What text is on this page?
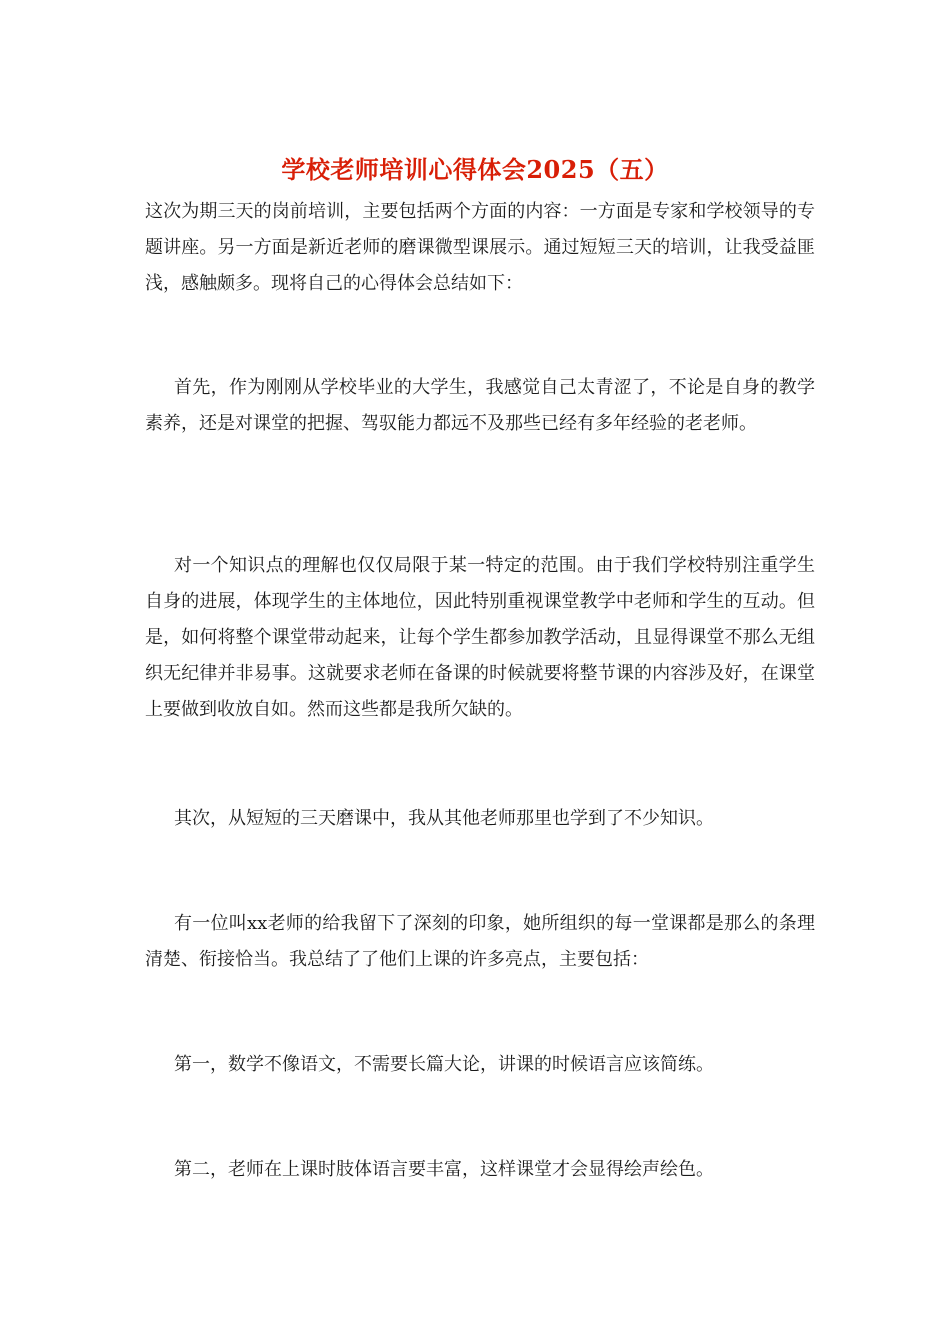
学校老师培训心得体会2025（五）

这次为期三天的岗前培训，主要包括两个方面的内容：一方面是专家和学校领导的专题讲座。另一方面是新近老师的磨课微型课展示。通过短短三天的培训，让我受益匪浅，感触颇多。现将自己的心得体会总结如下：

首先，作为刚刚从学校毕业的大学生，我感觉自己太青涩了，不论是自身的教学素养，还是对课堂的把握、驾驭能力都远不及那些已经有多年经验的老老师。

对一个知识点的理解也仅仅局限于某一特定的范围。由于我们学校特别注重学生自身的进展，体现学生的主体地位，因此特别重视课堂教学中老师和学生的互动。但是，如何将整个课堂带动起来，让每个学生都参加教学活动，且显得课堂不那么无组织无纪律并非易事。这就要求老师在备课的时候就要将整节课的内容涉及好，在课堂上要做到收放自如。然而这些都是我所欠缺的。

其次，从短短的三天磨课中，我从其他老师那里也学到了不少知识。

有一位叫xx老师的给我留下了深刻的印象，她所组织的每一堂课都是那么的条理清楚、衔接恰当。我总结了了他们上课的许多亮点，主要包括：

第一，数学不像语文，不需要长篇大论，讲课的时候语言应该简练。

第二，老师在上课时肢体语言要丰富，这样课堂才会显得绘声绘色。
